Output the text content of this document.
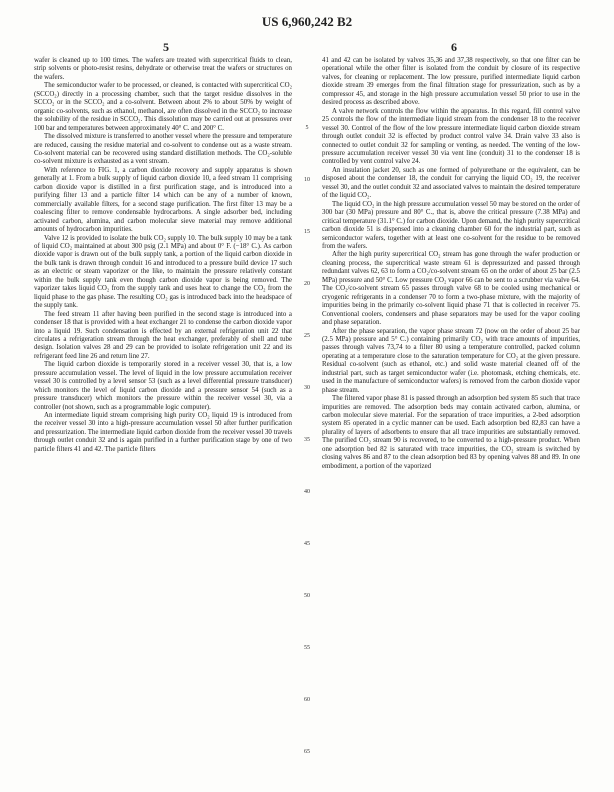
US 6,960,242 B2
5	6

wafer is cleaned up to 100 times. The wafers are treated with supercritical fluids to clean, strip solvents or photo-resist resins, dehydrate or otherwise treat the wafers or structures on the wafers.

The semiconductor wafer to be processed, or cleaned, is contacted with supercritical CO₂ (SCCO₂) directly in a processing chamber, such that the target residue dissolves in the SCCO₂ or in the SCCO₂ and a co-solvent. Between about 2% to about 50% by weight of organic co-solvents, such as ethanol, methanol, are often dissolved in the SCCO₂ to increase the solubility of the residue in SCCO₂. This dissolution may be carried out at pressures over 100 bar and temperatures between approximately 40° C. and 200° C.

The dissolved mixture is transferred to another vessel where the pressure and temperature are reduced, causing the residue material and co-solvent to condense out as a waste stream. Co-solvent material can be recovered using standard distillation methods. The CO₂-soluble co-solvent mixture is exhausted as a vent stream.

With reference to FIG. 1, a carbon dioxide recovery and supply apparatus is shown generally at 1. From a bulk supply of liquid carbon dioxide 10, a feed stream 11 comprising carbon dioxide vapor is distilled in a first purification stage, and is introduced into a purifying filter 13 and a particle filter 14 which can be any of a number of known, commercially available filters, for a second stage purification. The first filter 13 may be a coalescing filter to remove condensable hydrocarbons. A single adsorber bed, including activated carbon, alumina, and carbon molecular sieve material may remove additional amounts of hydrocarbon impurities.

Valve 12 is provided to isolate the bulk CO₂ supply 10. The bulk supply 10 may be a tank of liquid CO₂ maintained at about 300 psig (2.1 MPa) and about 0° F. (−18° C.). As carbon dioxide vapor is drawn out of the bulk supply tank, a portion of the liquid carbon dioxide in the bulk tank is drawn through conduit 16 and introduced to a pressure build device 17 such as an electric or steam vaporizer or the like, to maintain the pressure relatively constant within the bulk supply tank even though carbon dioxide vapor is being removed. The vaporizer takes liquid CO₂ from the supply tank and uses heat to change the CO₂ from the liquid phase to the gas phase. The resulting CO₂ gas is introduced back into the headspace of the supply tank.

The feed stream 11 after having been purified in the second stage is introduced into a condenser 18 that is provided with a heat exchanger 21 to condense the carbon dioxide vapor into a liquid 19. Such condensation is effected by an external refrigeration unit 22 that circulates a refrigeration stream through the heat exchanger, preferably of shell and tube design. Isolation valves 28 and 29 can be provided to isolate refrigeration unit 22 and its refrigerant feed line 26 and return line 27.

The liquid carbon dioxide is temporarily stored in a receiver vessel 30, that is, a low pressure accumulation vessel. The level of liquid in the low pressure accumulation receiver vessel 30 is controlled by a level sensor 53 (such as a level differential pressure transducer) which monitors the level of liquid carbon dioxide and a pressure sensor 54 (such as a pressure transducer) which monitors the pressure within the receiver vessel 30, via a controller (not shown, such as a programmable logic computer).

An intermediate liquid stream comprising high purity CO₂ liquid 19 is introduced from the receiver vessel 30 into a high-pressure accumulation vessel 50 after further purification and pressurization. The intermediate liquid carbon dioxide from the receiver vessel 30 travels through outlet conduit 32 and is again purified in a further purification stage by one of two particle filters 41 and 42. The particle filters

5
10
15
20
25
30
35
40
45
50
55
60
65

41 and 42 can be isolated by valves 35,36 and 37,38 respectively, so that one filter can be operational while the other filter is isolated from the conduit by closure of its respective valves, for cleaning or replacement. The low pressure, purified intermediate liquid carbon dioxide stream 39 emerges from the final filtration stage for pressurization, such as by a compressor 45, and storage in the high pressure accumulation vessel 50 prior to use in the desired process as described above.

A valve network controls the flow within the apparatus. In this regard, fill control valve 25 controls the flow of the intermediate liquid stream from the condenser 18 to the receiver vessel 30. Control of the flow of the low pressure intermediate liquid carbon dioxide stream through outlet conduit 32 is effected by product control valve 34. Drain valve 33 also is connected to outlet conduit 32 for sampling or venting, as needed. The venting of the low-pressure accumulation receiver vessel 30 via vent line (conduit) 31 to the condenser 18 is controlled by vent control valve 24.

An insulation jacket 20, such as one formed of polyurethane or the equivalent, can be disposed about the condenser 18, the conduit for carrying the liquid CO₂ 19, the receiver vessel 30, and the outlet conduit 32 and associated valves to maintain the desired temperature of the liquid CO₂.

The liquid CO₂ in the high pressure accumulation vessel 50 may be stored on the order of 300 bar (30 MPa) pressure and 80° C., that is, above the critical pressure (7.38 MPa) and critical temperature (31.1° C.) for carbon dioxide. Upon demand, the high purity supercritical carbon dioxide 51 is dispensed into a cleaning chamber 60 for the industrial part, such as semiconductor wafers, together with at least one co-solvent for the residue to be removed from the wafers.

After the high purity supercritical CO₂ stream has gone through the wafer production or cleaning process, the supercritical waste stream 61 is depressurized and passed through redundant valves 62, 63 to form a CO₂/co-solvent stream 65 on the order of about 25 bar (2.5 MPa) pressure and 50° C. Low pressure CO₂ vapor 66 can be sent to a scrubber via valve 64. The CO₂/co-solvent stream 65 passes through valve 68 to be cooled using mechanical or cryogenic refrigerants in a condenser 70 to form a two-phase mixture, with the majority of impurities being in the primarily co-solvent liquid phase 71 that is collected in receiver 75. Conventional coolers, condensers and phase separators may be used for the vapor cooling and phase separation.

After the phase separation, the vapor phase stream 72 (now on the order of about 25 bar (2.5 MPa) pressure and 5° C.) containing primarily CO₂ with trace amounts of impurities, passes through valves 73,74 to a filter 80 using a temperature controlled, packed column operating at a temperature close to the saturation temperature for CO₂ at the given pressure. Residual co-solvent (such as ethanol, etc.) and solid waste material cleaned off of the industrial part, such as target semiconductor wafer (i.e. photomask, etching chemicals, etc. used in the manufacture of semiconductor wafers) is removed from the carbon dioxide vapor phase stream.

The filtered vapor phase 81 is passed through an adsorption bed system 85 such that trace impurities are removed. The adsorption beds may contain activated carbon, alumina, or carbon molecular sieve material. For the separation of trace impurities, a 2-bed adsorption system 85 operated in a cyclic manner can be used. Each adsorption bed 82,83 can have a plurality of layers of adsorbents to ensure that all trace impurities are substantially removed. The purified CO₂ stream 90 is recovered, to be converted to a high-pressure product. When one adsorption bed 82 is saturated with trace impurities, the CO₂ stream is switched by closing valves 86 and 87 to the clean adsorption bed 83 by opening valves 88 and 89. In one embodiment, a portion of the vaporized
